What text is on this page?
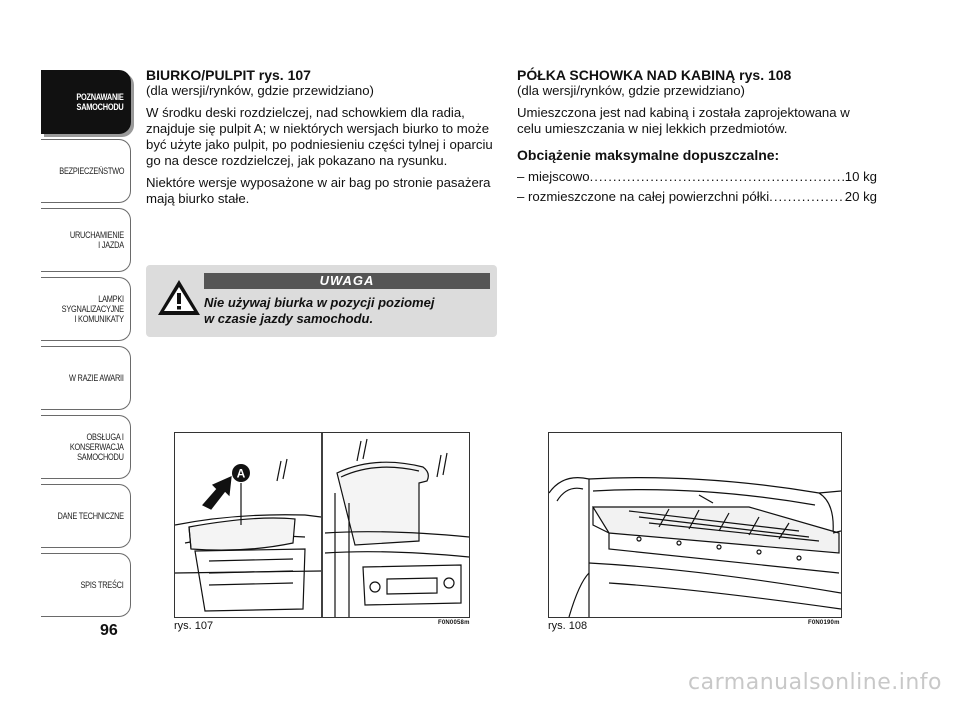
POZNAWANIE
SAMOCHODU
BEZPIECZEŃSTWO
URUCHAMIENIE
I JAZDA
LAMPKI
SYGNALIZACYJNE
I KOMUNIKATY
W RAZIE AWARII
OBSŁUGA I
KONSERWACJA
SAMOCHODU
DANE TECHNICZNE
SPIS TREŚCI
96
BIURKO/PULPIT rys. 107

(dla wersji/rynków, gdzie przewidziano)

W środku deski rozdzielczej, nad schowkiem dla radia, znajduje się pulpit A; w niektórych wersjach biurko to może być użyte jako pulpit, po podniesieniu części tylnej i oparciu go na desce rozdzielczej, jak pokazano na rysunku.

Niektóre wersje wyposażone w air bag po stronie pasażera mają biurko stałe.

UWAGA
Nie używaj biurka w pozycji poziomej
w czasie jazdy samochodu.
PÓŁKA SCHOWKA NAD KABINĄ rys. 108

(dla wersji/rynków, gdzie przewidziano)

Umieszczona jest nad kabiną i została zaprojektowana w celu umieszczania w niej lekkich przedmiotów.

Obciążenie maksymalne dopuszczalne:
– miejscowo .....	10 kg
– rozmieszczone na całej powierzchni półki .....	20 kg
A
rys. 107	F0N0058m	rys. 108	F0N0190m
carmanualsonline.info
